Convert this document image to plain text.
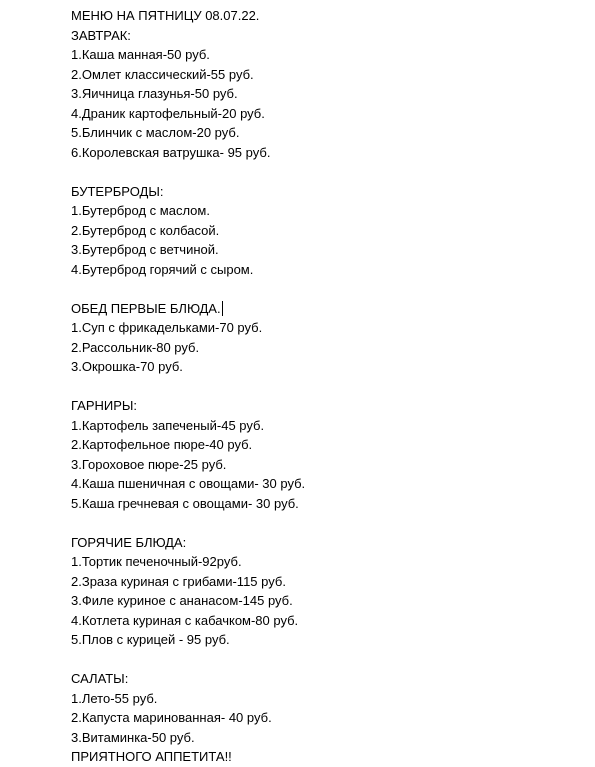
МЕНЮ НА ПЯТНИЦУ 08.07.22.
ЗАВТРАК:
1.Каша манная-50 руб.
2.Омлет классический-55 руб.
3.Яичница глазунья-50 руб.
4.Драник картофельный-20 руб.
5.Блинчик с маслом-20 руб.
6.Королевская ватрушка- 95 руб.
БУТЕРБРОДЫ:
1.Бутерброд с маслом.
2.Бутерброд с колбасой.
3.Бутерброд с ветчиной.
4.Бутерброд горячий с сыром.
ОБЕД ПЕРВЫЕ БЛЮДА.
1.Суп с фрикадельками-70 руб.
2.Рассольник-80 руб.
3.Окрошка-70 руб.
ГАРНИРЫ:
1.Картофель запеченый-45 руб.
2.Картофельное пюре-40 руб.
3.Гороховое пюре-25 руб.
4.Каша пшеничная с овощами- 30 руб.
5.Каша гречневая с овощами- 30 руб.
ГОРЯЧИЕ БЛЮДА:
1.Тортик печеночный-92руб.
2.Зраза куриная с грибами-115 руб.
3.Филе куриное с ананасом-145 руб.
4.Котлета куриная с кабачком-80 руб.
5.Плов с курицей - 95 руб.
САЛАТЫ:
1.Лето-55 руб.
2.Капуста маринованная- 40 руб.
3.Витаминка-50 руб.
ПРИЯТНОГО АППЕТИТА!!
